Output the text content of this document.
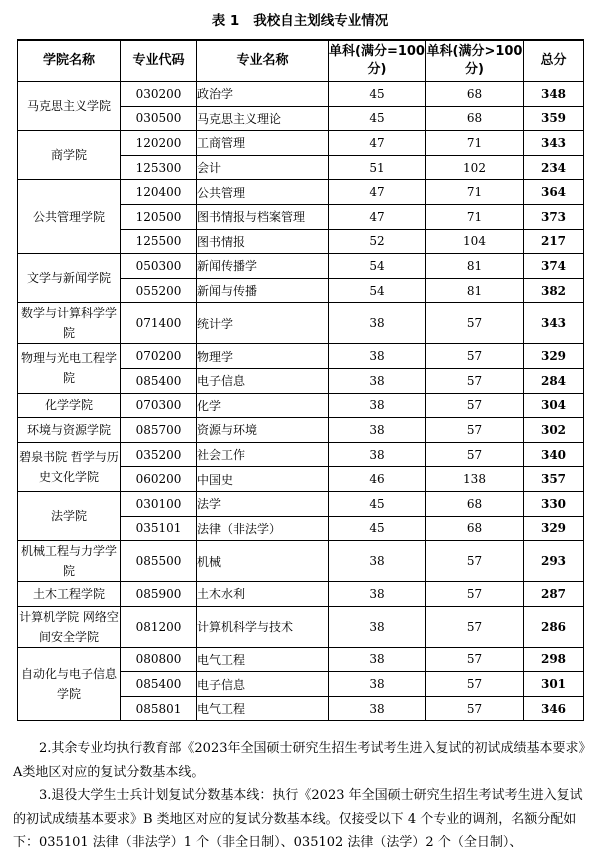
表 1 我校自主划线专业情况
学院名称	专业代码	专业名称	单科(满分=100 分)	单科(满分>100 分)	总分
马克思主义学院	030200	政治学	45	68	348
	030500	马克思主义理论	45	68	359
商学院	120200	工商管理	47	71	343
	125300	会计	51	102	234
公共管理学院	120400	公共管理	47	71	364
	120500	图书情报与档案管理	47	71	373
	125500	图书情报	52	104	217
文学与新闻学院	050300	新闻传播学	54	81	374
	055200	新闻与传播	54	81	382
数学与计算科学学院	071400	统计学	38	57	343
物理与光电工程学院	070200	物理学	38	57	329
	085400	电子信息	38	57	284
化学学院	070300	化学	38	57	304
环境与资源学院	085700	资源与环境	38	57	302
碧泉书院 哲学与历史文化学院	035200	社会工作	38	57	340
	060200	中国史	46	138	357
法学院	030100	法学	45	68	330
	035101	法律（非法学）	45	68	329
机械工程与力学学院	085500	机械	38	57	293
土木工程学院	085900	土木水利	38	57	287
计算机学院 网络空间安全学院	081200	计算机科学与技术	38	57	286
自动化与电子信息学院	080800	电气工程	38	57	298
	085400	电子信息	38	57	301
	085801	电气工程	38	57	346

2.其余专业均执行教育部《2023年全国硕士研究生招生考试考生进入复试的初试成绩基本要求》A类地区对应的复试分数基本线。

3.退役大学生士兵计划复试分数基本线：执行《2023 年全国硕士研究生招生考试考生进入复试的初试成绩基本要求》B 类地区对应的复试分数基本线。仅接受以下 4 个专业的调剂，名额分配如下：035101 法律（非法学）1 个（非全日制）、035102 法律（法学）2 个（全日制）、
